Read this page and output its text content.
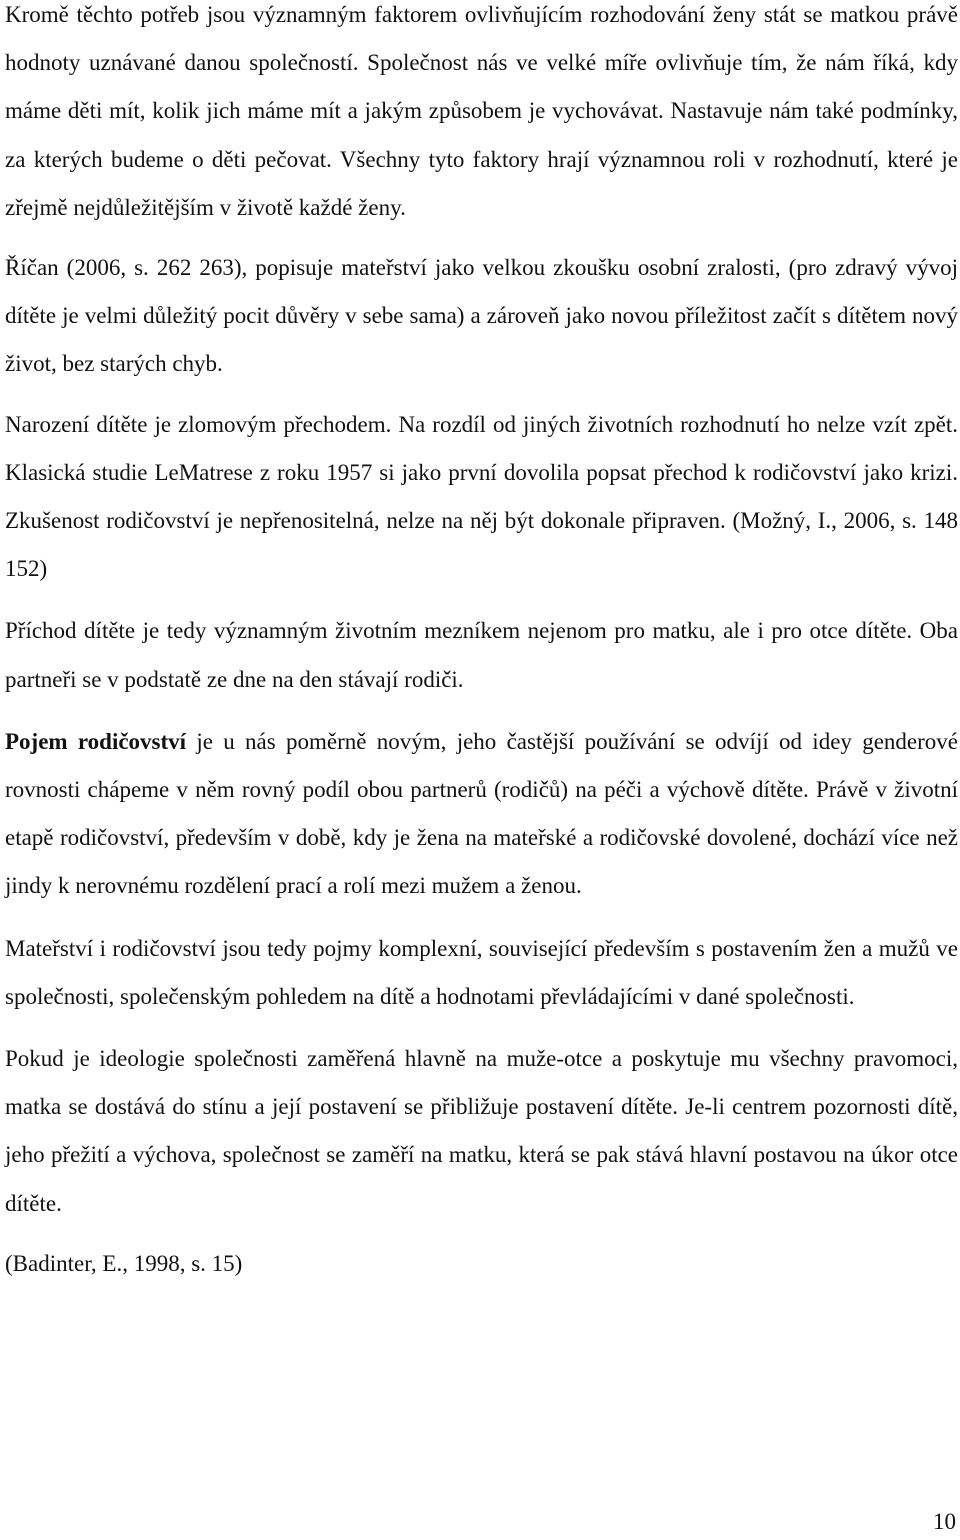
Kromě těchto potřeb jsou významným faktorem ovlivňujícím rozhodování ženy stát se matkou právě hodnoty uznávané danou společností. Společnost nás ve velké míře ovlivňuje tím, že nám říká, kdy máme děti mít, kolik jich máme mít a jakým způsobem je vychovávat. Nastavuje nám také podmínky, za kterých budeme o děti pečovat. Všechny tyto faktory hrají významnou roli v rozhodnutí, které je zřejmě nejdůležitějším v životě každé ženy.

Říčan (2006, s. 262 263), popisuje mateřství jako velkou zkoušku osobní zralosti, (pro zdravý vývoj dítěte je velmi důležitý pocit důvěry v sebe sama) a zároveň jako novou příležitost začít s dítětem nový život, bez starých chyb.

Narození dítěte je zlomovým přechodem. Na rozdíl od jiných životních rozhodnutí ho nelze vzít zpět. Klasická studie LeMatrese z roku 1957 si jako první dovolila popsat přechod k rodičovství jako krizi. Zkušenost rodičovství je nepřenositelná, nelze na něj být dokonale připraven. (Možný, I., 2006, s. 148 152)

Příchod dítěte je tedy významným životním mezníkem nejenom pro matku, ale i pro otce dítěte. Oba partneři se v podstatě ze dne na den stávají rodiči.

Pojem rodičovství je u nás poměrně novým, jeho častější používání se odvíjí od idey genderové rovnosti chápeme v něm rovný podíl obou partnerů (rodičů) na péči a výchově dítěte. Právě v životní etapě rodičovství, především v době, kdy je žena na mateřské a rodičovské dovolené, dochází více než jindy k nerovnému rozdělení prací a rolí mezi mužem a ženou.

Mateřství i rodičovství jsou tedy pojmy komplexní, související především s postavením žen a mužů ve společnosti, společenským pohledem na dítě a hodnotami převládajícími v dané společnosti.

Pokud je ideologie společnosti zaměřená hlavně na muže-otce a poskytuje mu všechny pravomoci, matka se dostává do stínu a její postavení se přibližuje postavení dítěte. Je-li centrem pozornosti dítě, jeho přežití a výchova, společnost se zaměří na matku, která se pak stává hlavní postavou na úkor otce dítěte.

(Badinter, E., 1998, s. 15)

10
